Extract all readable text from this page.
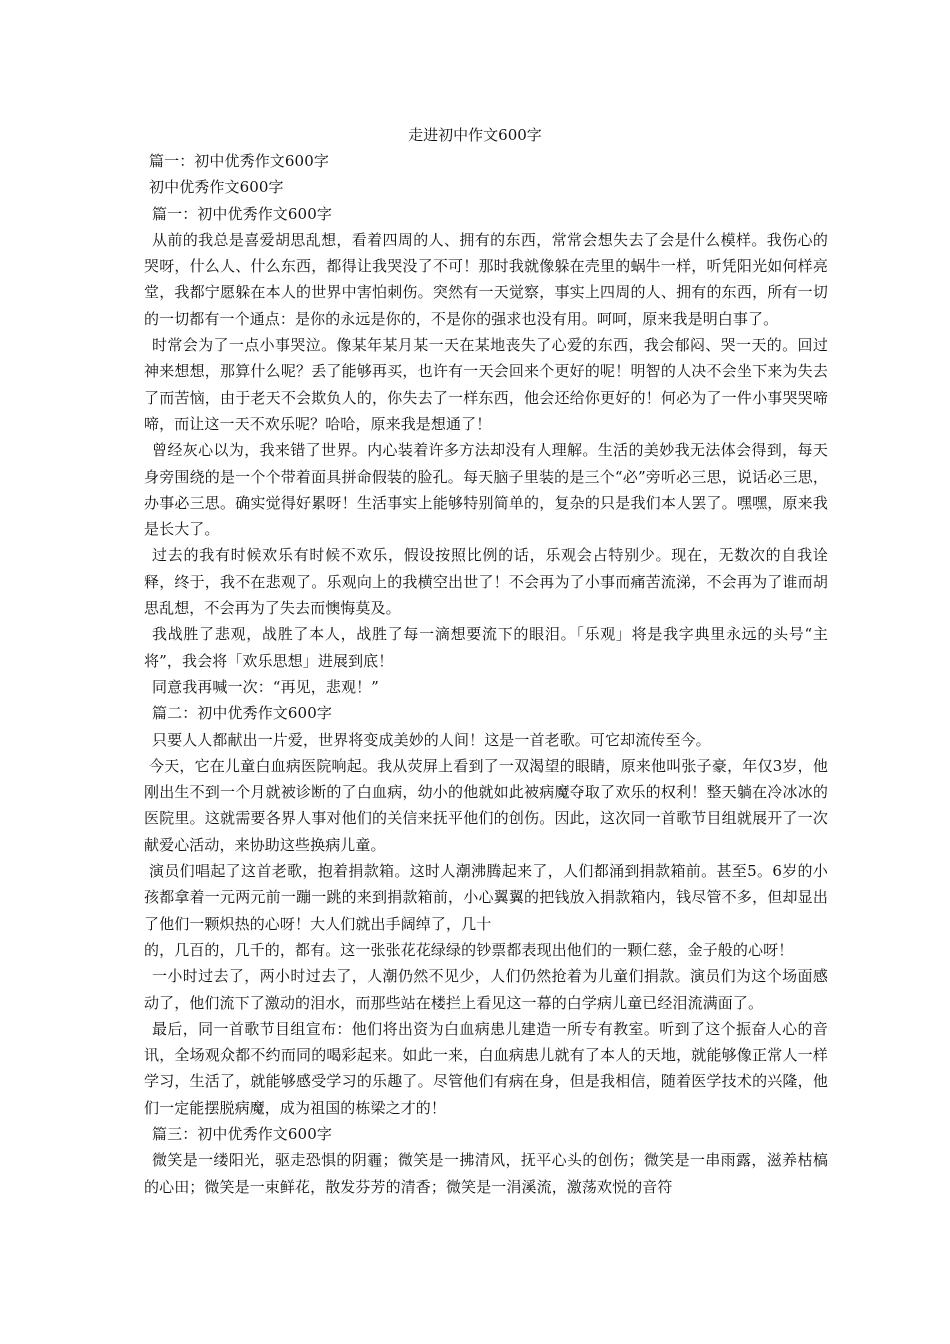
走进初中作文600字

篇一：初中优秀作文600字

初中优秀作文600字

篇一：初中优秀作文600字

从前的我总是喜爱胡思乱想，看着四周的人、拥有的东西，常常会想失去了会是什么模样。我伤心的哭呀，什么人、什么东西，都得让我哭没了不可！那时我就像躲在壳里的蜗牛一样，听凭阳光如何样亮堂，我都宁愿躲在本人的世界中害怕刺伤。突然有一天觉察，事实上四周的人、拥有的东西，所有一切的一切都有一个通点：是你的永远是你的，不是你的强求也没有用。呵呵，原来我是明白事了。

时常会为了一点小事哭泣。像某年某月某一天在某地丧失了心爱的东西，我会郁闷、哭一天的。回过神来想想，那算什么呢？丢了能够再买，也许有一天会回来个更好的呢！明智的人决不会坐下来为失去了而苦恼，由于老天不会欺负人的，你失去了一样东西，他会还给你更好的！何必为了一件小事哭哭啼啼，而让这一天不欢乐呢？哈哈，原来我是想通了！

曾经灰心以为，我来错了世界。内心装着许多方法却没有人理解。生活的美妙我无法体会得到，每天身旁围绕的是一个个带着面具拼命假装的脸孔。每天脑子里装的是三个“必”旁听必三思，说话必三思，办事必三思。确实觉得好累呀！生活事实上能够特别简单的，复杂的只是我们本人罢了。嘿嘿，原来我是长大了。

过去的我有时候欢乐有时候不欢乐，假设按照比例的话，乐观会占特别少。现在，无数次的自我诠释，终于，我不在悲观了。乐观向上的我横空出世了！不会再为了小事而痛苦流涕，不会再为了谁而胡思乱想，不会再为了失去而懊悔莫及。

我战胜了悲观，战胜了本人，战胜了每一滴想要流下的眼泪。「乐观」将是我字典里永远的头号“主将”，我会将「欢乐思想」进展到底！

同意我再喊一次：“再见，悲观！”

篇二：初中优秀作文600字

只要人人都献出一片爱，世界将变成美妙的人间！这是一首老歌。可它却流传至今。

今天，它在儿童白血病医院响起。我从荧屏上看到了一双渴望的眼睛，原来他叫张子豪，年仅3岁，他刚出生不到一个月就被诊断的了白血病，幼小的他就如此被病魔夺取了欢乐的权利！整天躺在冷冰冰的医院里。这就需要各界人事对他们的关信来抚平他们的创伤。因此，这次同一首歌节目组就展开了一次献爱心活动，来协助这些换病儿童。

演员们唱起了这首老歌，抱着捐款箱。这时人潮沸腾起来了，人们都涌到捐款箱前。甚至5。6岁的小孩都拿着一元两元前一蹦一跳的来到捐款箱前，小心翼翼的把钱放入捐款箱内，钱尽管不多，但却显出了他们一颗炽热的心呀！大人们就出手阔绰了，几十

的，几百的，几千的，都有。这一张张花花绿绿的钞票都表现出他们的一颗仁慈，金子般的心呀！

一小时过去了，两小时过去了，人潮仍然不见少，人们仍然抢着为儿童们捐款。演员们为这个场面感动了，他们流下了激动的泪水，而那些站在楼拦上看见这一幕的白学病儿童已经泪流满面了。

最后，同一首歌节目组宣布：他们将出资为白血病患儿建造一所专有教室。听到了这个振奋人心的音讯，全场观众都不约而同的喝彩起来。如此一来，白血病患儿就有了本人的天地，就能够像正常人一样学习，生活了，就能够感受学习的乐趣了。尽管他们有病在身，但是我相信，随着医学技术的兴隆，他们一定能摆脱病魔，成为祖国的栋梁之才的！

篇三：初中优秀作文600字

微笑是一缕阳光，驱走恐惧的阴霾；微笑是一拂清风，抚平心头的创伤；微笑是一串雨露，滋养枯槁的心田；微笑是一束鲜花，散发芬芳的清香；微笑是一涓溪流，激荡欢悦的音符
